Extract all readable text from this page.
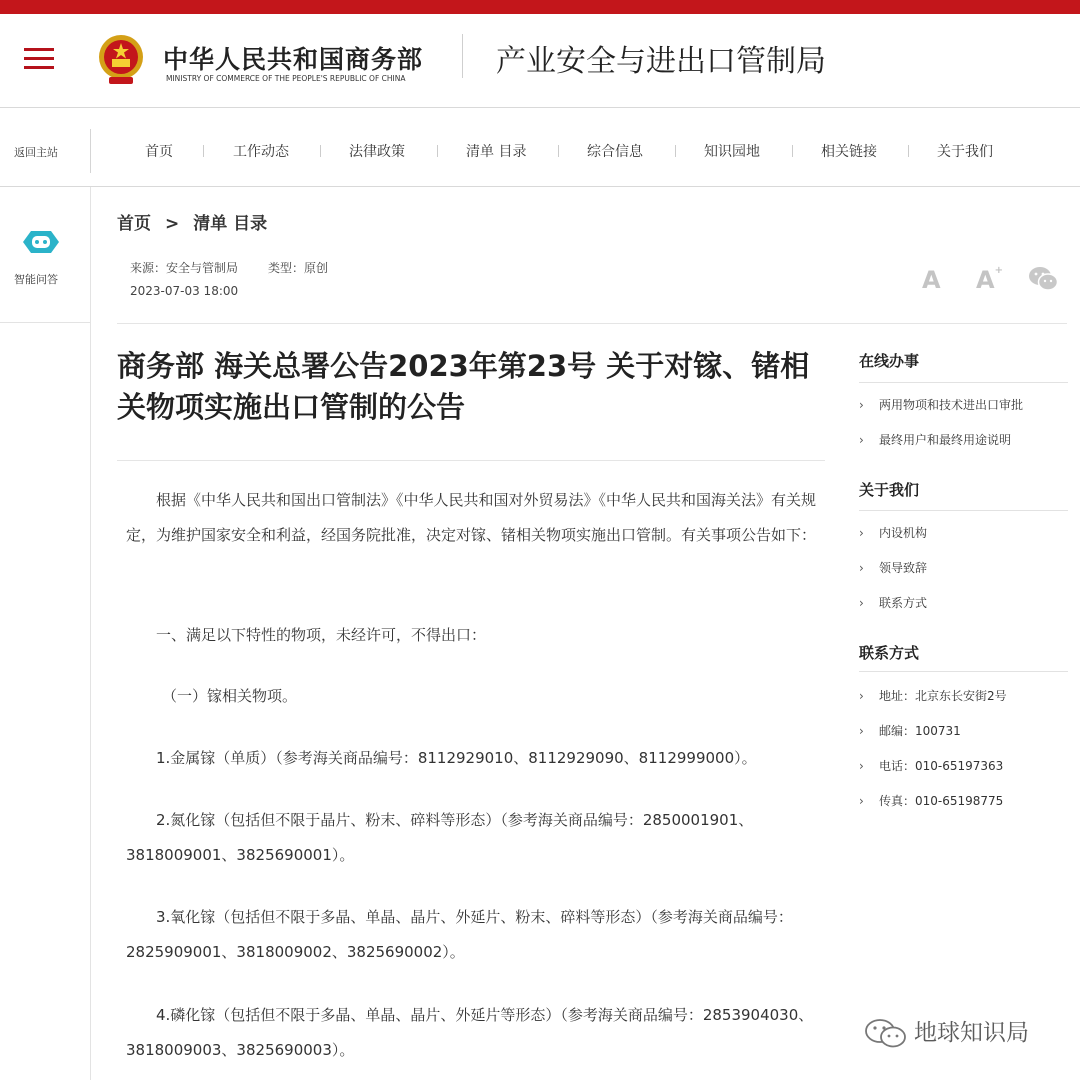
中华人民共和国商务部
MINISTRY OF COMMERCE OF THE PEOPLE'S REPUBLIC OF CHINA	产业安全与进出口管制局
返回主站	首页	工作动态	法律政策	清单 目录	综合信息	知识园地	相关链接	关于我们
智能问答
首页 > 清单 目录
来源：安全与管制局	类型：原创
2023-07-03 18:00	A A+
商务部 海关总署公告2023年第23号 关于对镓、锗相关物项实施出口管制的公告

根据《中华人民共和国出口管制法》《中华人民共和国对外贸易法》《中华人民共和国海关法》有关规定，为维护国家安全和利益，经国务院批准，决定对镓、锗相关物项实施出口管制。有关事项公告如下：

一、满足以下特性的物项，未经许可，不得出口：

（一）镓相关物项。

1.金属镓（单质）（参考海关商品编号：8112929010、8112929090、8112999000）。

2.氮化镓（包括但不限于晶片、粉末、碎料等形态）（参考海关商品编号：2850001901、3818009001、3825690001）。

3.氧化镓（包括但不限于多晶、单晶、晶片、外延片、粉末、碎料等形态）（参考海关商品编号：2825909001、3818009002、3825690002）。

4.磷化镓（包括但不限于多晶、单晶、晶片、外延片等形态）（参考海关商品编号：2853904030、3818009003、3825690003）。

在线办事
› 两用物项和技术进出口审批
› 最终用户和最终用途说明
关于我们
› 内设机构
› 领导致辞
› 联系方式
联系方式
› 地址：北京东长安街2号
› 邮编：100731
› 电话：010-65197363
› 传真：010-65198775
地球知识局
